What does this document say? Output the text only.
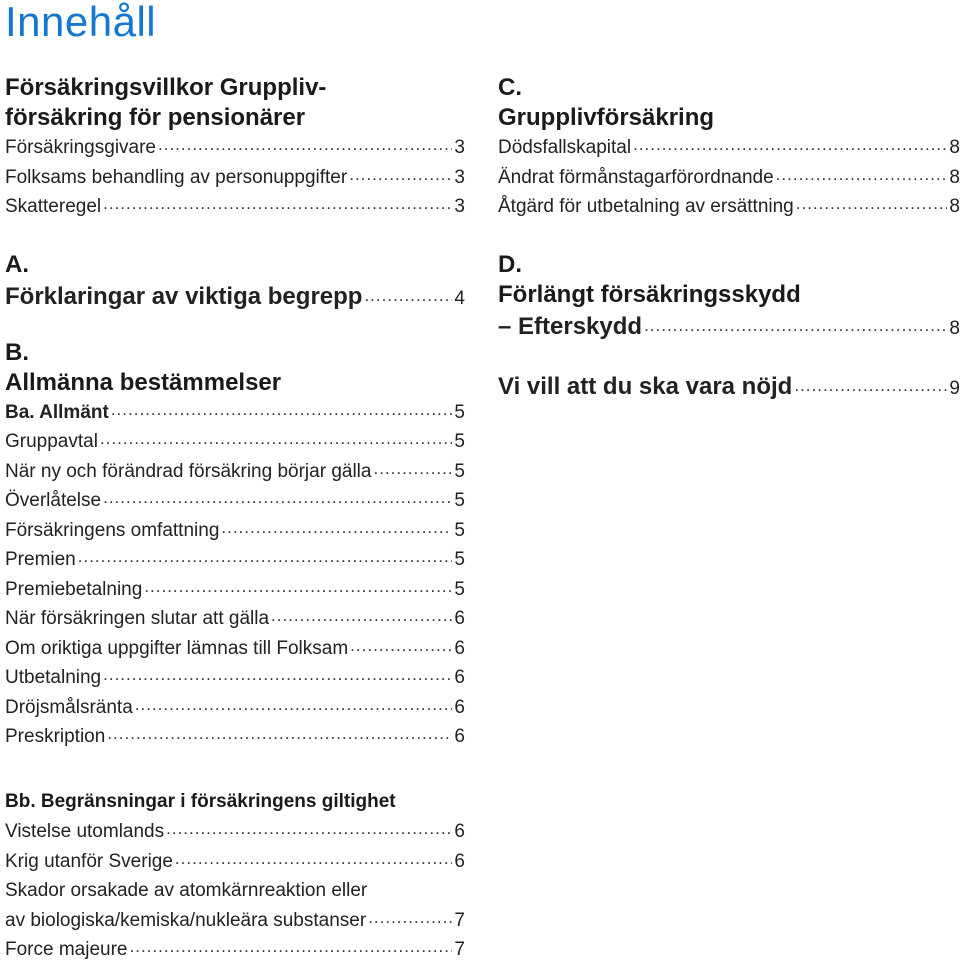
Innehåll
Försäkringsvillkor Gruppliv-
försäkring för pensionärer
Försäkringsgivare .....	3
Folksams behandling av personuppgifter .....	3
Skatteregel .....	3
A.
Förklaringar av viktiga begrepp .....	4
B.
Allmänna bestämmelser
Ba. Allmänt .....	5
Gruppavtal .....	5
När ny och förändrad försäkring börjar gälla .....	5
Överlåtelse .....	5
Försäkringens omfattning .....	5
Premien .....	5
Premiebetalning .....	5
När försäkringen slutar att gälla .....	6
Om oriktiga uppgifter lämnas till Folksam .....	6
Utbetalning .....	6
Dröjsmålsränta .....	6
Preskription .....	6
Bb. Begränsningar i försäkringens giltighet
Vistelse utomlands .....	6
Krig utanför Sverige .....	6
Skador orsakade av atomkärnreaktion eller
av biologiska/kemiska/nukleära substanser .....	7
Force majeure .....	7
C.
Grupplivförsäkring
Dödsfallskapital .....	8
Ändrat förmånstagarförordnande .....	8
Åtgärd för utbetalning av ersättning .....	8
D.
Förlängt försäkringsskydd
– Efterskydd .....	8
Vi vill att du ska vara nöjd .....	9
